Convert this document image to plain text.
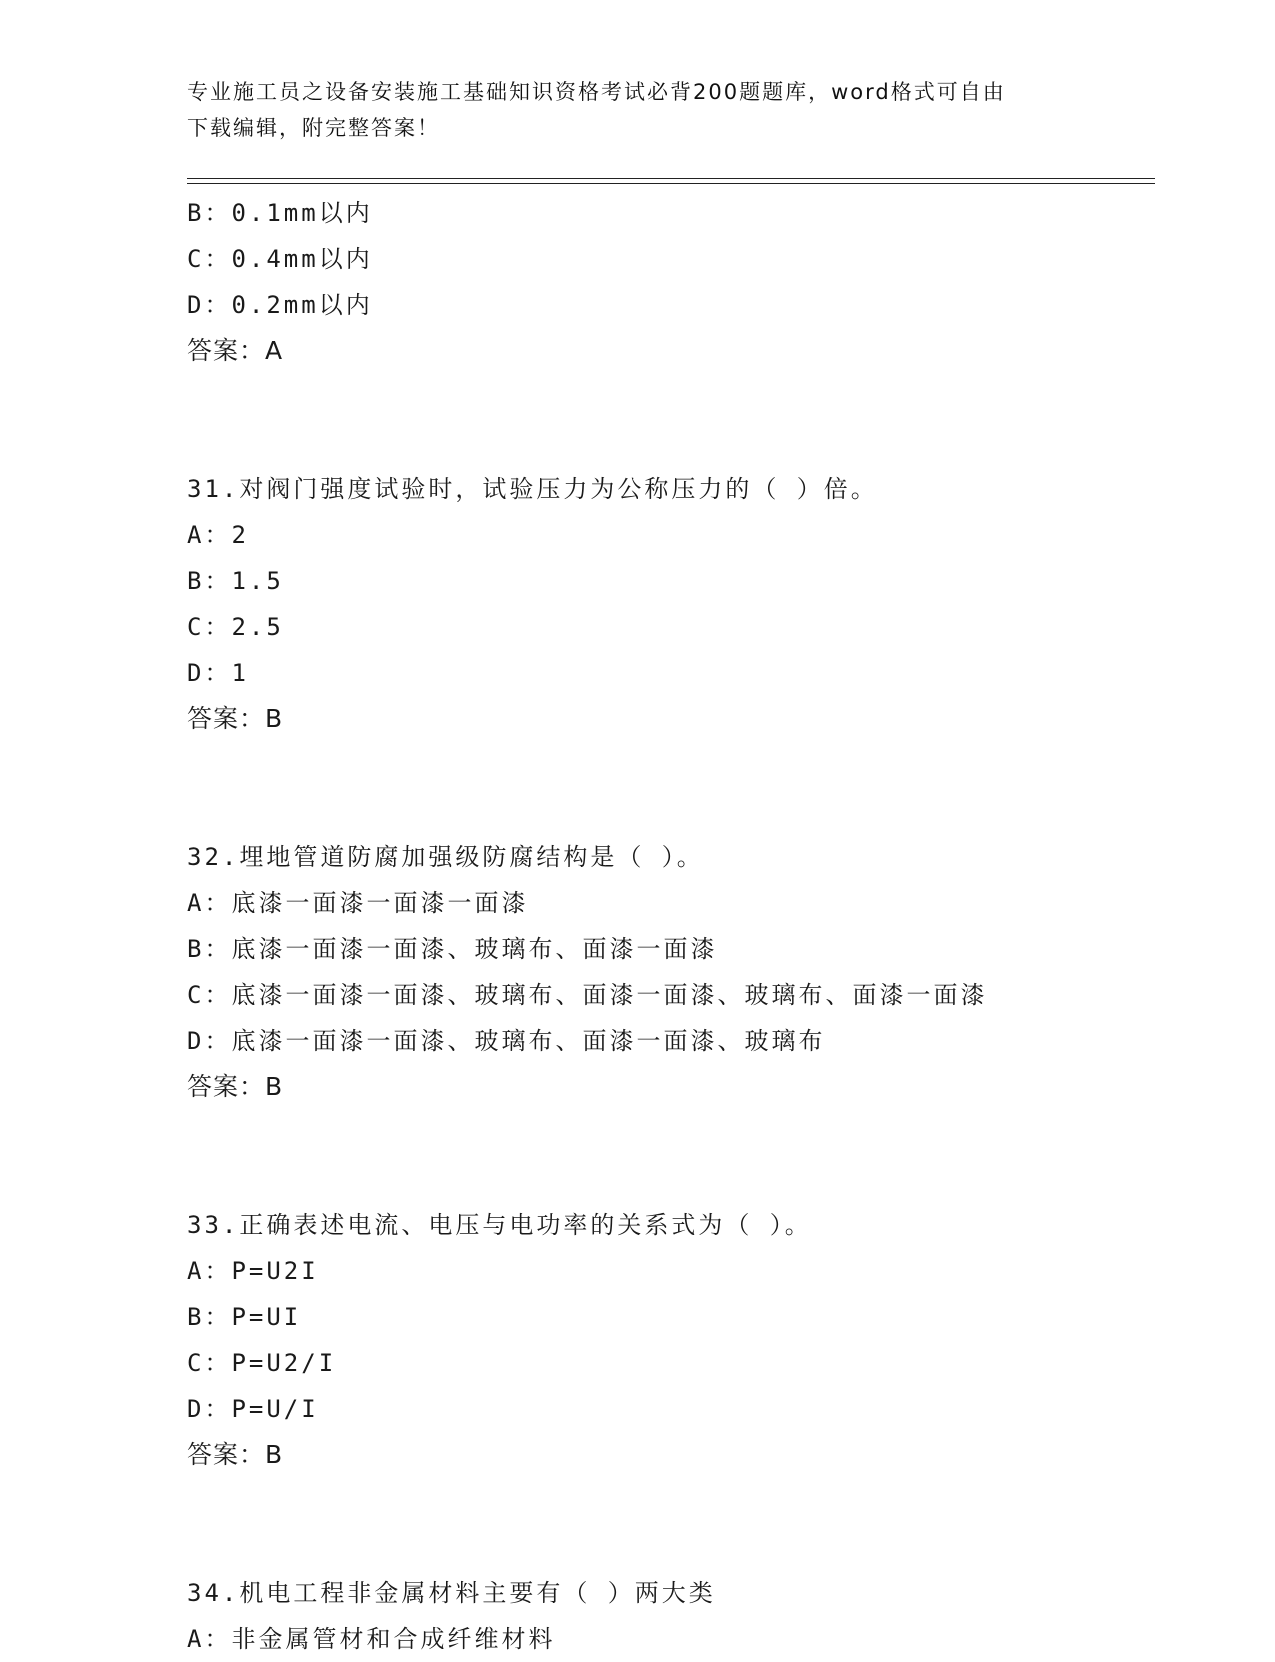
专业施工员之设备安装施工基础知识资格考试必背200题题库，word格式可自由
下载编辑，附完整答案！
B：0.1mm以内
C：0.4mm以内
D：0.2mm以内
答案：A
31.对阀门强度试验时，试验压力为公称压力的（ ）倍。
A：2
B：1.5
C：2.5
D：1
答案：B
32.埋地管道防腐加强级防腐结构是（ ）。
A：底漆一面漆一面漆一面漆
B：底漆一面漆一面漆、玻璃布、面漆一面漆
C：底漆一面漆一面漆、玻璃布、面漆一面漆、玻璃布、面漆一面漆
D：底漆一面漆一面漆、玻璃布、面漆一面漆、玻璃布
答案：B
33.正确表述电流、电压与电功率的关系式为（ ）。
A：P=U2I
B：P=UI
C：P=U2/I
D：P=U/I
答案：B
34.机电工程非金属材料主要有（ ）两大类
A：非金属管材和合成纤维材料
